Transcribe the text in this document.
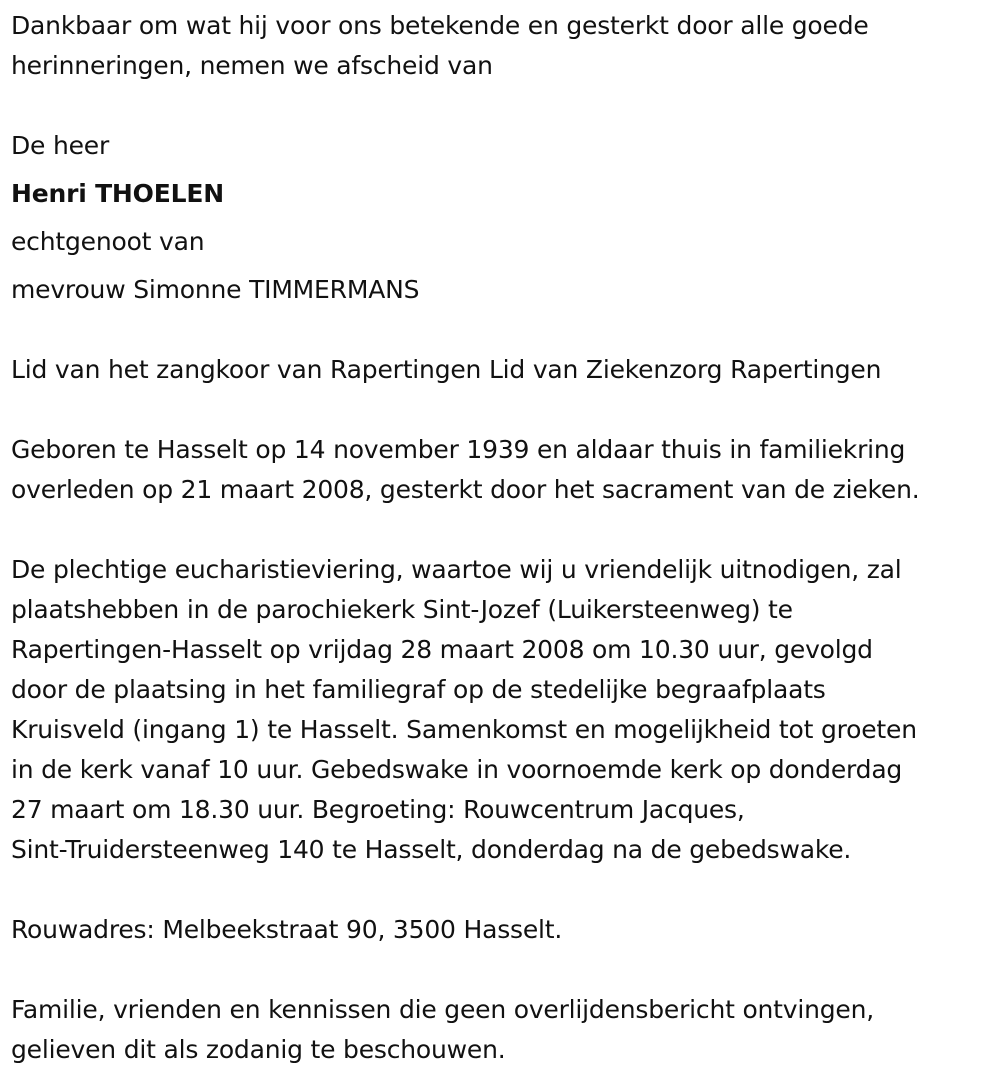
Dankbaar om wat hij voor ons betekende en gesterkt door alle goede
herinneringen, nemen we afscheid van
De heer
Henri THOELEN
echtgenoot van
mevrouw Simonne TIMMERMANS
Lid van het zangkoor van Rapertingen Lid van Ziekenzorg Rapertingen
Geboren te Hasselt op 14 november 1939 en aldaar thuis in familiekring
overleden op 21 maart 2008, gesterkt door het sacrament van de zieken.
De plechtige eucharistieviering, waartoe wij u vriendelijk uitnodigen, zal
plaatshebben in de parochiekerk Sint-Jozef (Luikersteenweg) te
Rapertingen-Hasselt op vrijdag 28 maart 2008 om 10.30 uur, gevolgd
door de plaatsing in het familiegraf op de stedelijke begraafplaats
Kruisveld (ingang 1) te Hasselt. Samenkomst en mogelijkheid tot groeten
in de kerk vanaf 10 uur. Gebedswake in voornoemde kerk op donderdag
27 maart om 18.30 uur. Begroeting: Rouwcentrum Jacques,
Sint-Truidersteenweg 140 te Hasselt, donderdag na de gebedswake.
Rouwadres: Melbeekstraat 90, 3500 Hasselt.
Familie, vrienden en kennissen die geen overlijdensbericht ontvingen,
gelieven dit als zodanig te beschouwen.
